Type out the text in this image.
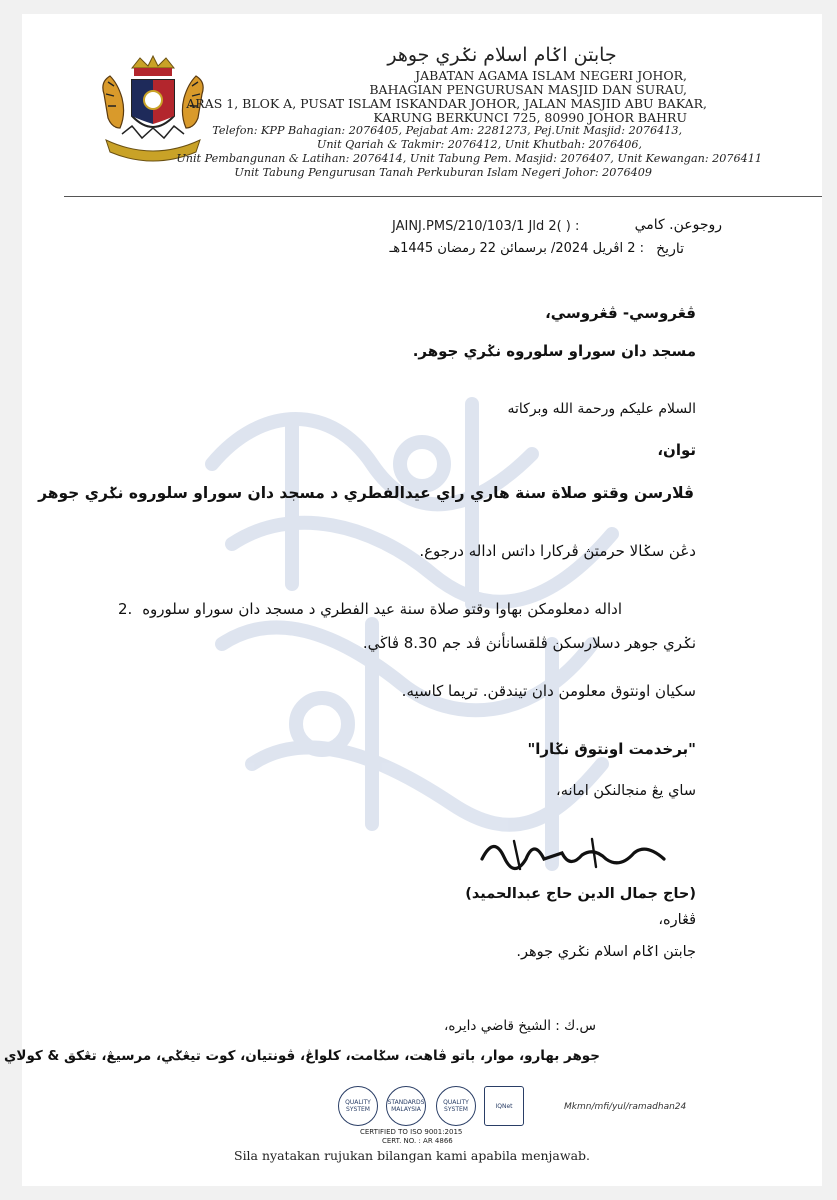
جابتن اݢام اسلام نݢري جوهر
JABATAN AGAMA ISLAM NEGERI JOHOR,
BAHAGIAN PENGURUSAN MASJID DAN SURAU,
ARAS 1, BLOK A, PUSAT ISLAM ISKANDAR JOHOR, JALAN MASJID ABU BAKAR,
KARUNG BERKUNCI 725, 80990 JOHOR BAHRU
Telefon: KPP Bahagian: 2076405, Pejabat Am: 2281273, Pej.Unit Masjid: 2076413,
Unit Qariah & Takmir: 2076412, Unit Khutbah: 2076406,
Unit Pembangunan & Latihan: 2076414, Unit Tabung Pem. Masjid: 2076407, Unit Kewangan: 2076411
Unit Tabung Pengurusan Tanah Perkuburan Islam Negeri Johor: 2076409
روجوعن. كامي
JAINJ.PMS/210/103/1 Jld 2( ) :
تاريخ
: 2 اڤريل 2024/ برسمائن 22 رمضان 1445هـ
ڤڠروسي- ڤڠروسي،
مسجد دان سوراو سلوروه نݢري جوهر.
السلام عليكم ورحمة الله وبركاته
توان،
ڤلارسن وقتو صلاة سنة هاري راي عيدالفطري د مسجد دان سوراو سلوروه نݢري جوهر
دڠن سݢالا حرمتڽ ڤركارا داتس اداله درجوع.
2. اداله دمعلومكن بهاوا وقتو صلاة سنة عيد الفطري د مسجد دان سوراو سلوروه
نݢري جوهر دسلارسكن ڤلقسانأنڽ ڤد جم 8.30 ڤاڬي.
سكيان اونتوق معلومن دان تيندقن. تريما كاسيه.
"برخدمت اونتوق نݢارا"
ساي يڠ منجالنكن امانه،
(حاج جمال الدين حاج عبدالحميد)
ڤڠاره،
جابتن اݢام اسلام نݢري جوهر.
س.ك : الشيخ قاضي دايره،
جوهر بهارو، موار، باتو ڤاهت، سݢامت، كلواڠ، ڤونتيان، كوت تيڠݢي، مرسيڠ، تڠكق & كولاي
QUALITY SYSTEM
STANDARDS MALAYSIA
QUALITY SYSTEM	IQNet	Mkmn/mfi/yul/ramadhan24
CERTIFIED TO ISO 9001:2015
CERT. NO. : AR 4866
Sila nyatakan rujukan bilangan kami apabila menjawab.
